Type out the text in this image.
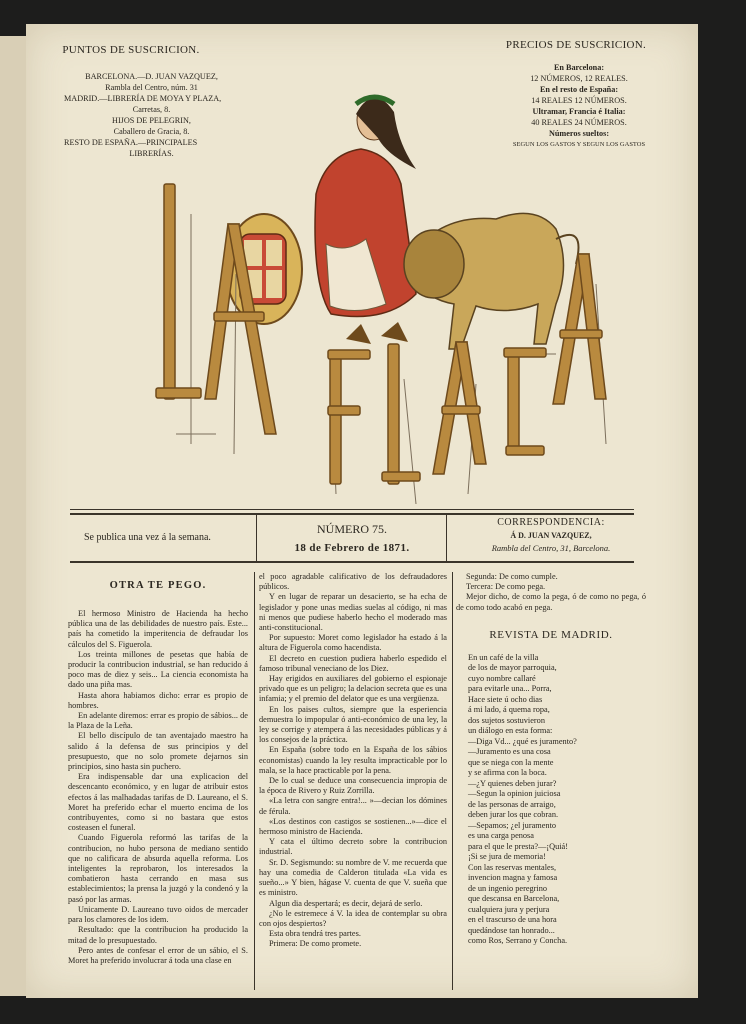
PUNTOS DE SUSCRICION.
BARCELONA.—D. JUAN VAZQUEZ,
Rambla del Centro, núm. 31
MADRID.—LIBRERÍA DE MOYA Y PLAZA,
Carretas, 8.
HIJOS DE PELEGRIN,
Caballero de Gracia, 8.
RESTO DE ESPAÑA.—PRINCIPALES
LIBRERÍAS.
PRECIOS DE SUSCRICION.
En Barcelona:
12 NÚMEROS, 12 REALES.
En el resto de España:
14 REALES 12 NÚMEROS.
Ultramar, Francia é Italia:
40 REALES 24 NÚMEROS.
Números sueltos:
SEGUN LOS GASTOS Y SEGUN LOS GASTOS
Se publica una vez á la semana.
NÚMERO 75.
18 de Febrero de 1871.
CORRESPONDENCIA:
Á D. JUAN VAZQUEZ,
Rambla del Centro, 31, Barcelona.
OTRA TE PEGO.

El hermoso Ministro de Hacienda ha hecho pública una de las debilidades de nuestro país. Este... país ha cometido la imperitencia de defraudar los cálculos del S. Figuerola.

Los treinta millones de pesetas que había de producir la contribucion industrial, se han reducido á poco mas de diez y seis... La ciencia economista ha dado una piña mas.

Hasta ahora habiamos dicho: errar es propio de hombres.

En adelante diremos: errar es propio de sábios... de la Plaza de la Leña.

El bello discípulo de tan aventajado maestro ha salido á la defensa de sus principios y del presupuesto, que no solo promete dejarnos sin principios, sino hasta sin puchero.

Era indispensable dar una explicacion del descencanto económico, y en lugar de atribuir estos efectos á las malhadadas tarifas de D. Laureano, el S. Moret ha preferido echar el muerto encima de los contribuyentes, como si no bastara que estos costeasen el funeral.

Cuando Figuerola reformó las tarifas de la contribucion, no hubo persona de mediano sentido que no calificara de absurda aquella reforma. Los inteligentes la reprobaron, los interesados la combatieron hasta cerrando en masa sus establecimientos; la prensa la juzgó y la condenó y la pasó por las armas.

Unicamente D. Laureano tuvo oidos de mercader para los clamores de los idem.

Resultado: que la contribucion ha producido la mitad de lo presupuestado.

Pero antes de confesar el error de un sábio, el S. Moret ha preferido involucrar á toda una clase en

el poco agradable calificativo de los defraudadores públicos.

Y en lugar de reparar un desacierto, se ha echa de legislador y pone unas medias suelas al código, ni mas ni menos que pudiese haberlo hecho el moderado mas anti-constitucional.

Por supuesto: Moret como legislador ha estado á la altura de Figuerola como hacendista.

El decreto en cuestion pudiera haberlo espedido el famoso tribunal veneciano de los Diez.

Hay erigidos en auxiliares del gobierno el espionaje privado que es un peligro; la delacion secreta que es una infamia; y el premio del delator que es una vergüenza.

En los paises cultos, siempre que la esperiencia demuestra lo impopular ó anti-económico de una ley, la ley se corrige y atempera á las necesidades públicas y á los consejos de la práctica.

En España (sobre todo en la España de los sábios economistas) cuando la ley resulta impracticable por lo mala, se la hace practicable por la pena.

De lo cual se deduce una consecuencia impropia de la época de Rivero y Ruiz Zorrilla.

«La letra con sangre entra!... »—decian los dómines de férula.

«Los destinos con castigos se sostienen...»—dice el hermoso ministro de Hacienda.

Y cata el último decreto sobre la contribucion industrial.

Sr. D. Segismundo: su nombre de V. me recuerda que hay una comedia de Calderon titulada «La vida es sueño...» Y bien, hágase V. cuenta de que V. sueña que es ministro.

Algun dia despertará; es decir, dejará de serlo.

¿No le estremece á V. la idea de contemplar su obra con ojos despiertos?

Esta obra tendrá tres partes.

Primera: De como promete.

Segunda: De como cumple.

Tercera: De como pega.

Mejor dicho, de como la pega, ó de como no pega, ó de como todo acabó en pega.

REVISTA DE MADRID.

En un café de la villa

de los de mayor parroquia,

cuyo nombre callaré

para evitarle una... Porra,

Hace siete ú ocho dias

á mi lado, á quema ropa,

dos sujetos sostuvieron

un diálogo en esta forma:

—Diga Vd... ¿qué es juramento?

—Juramento es una cosa

que se niega con la mente

y se afirma con la boca.

—¿Y quienes deben jurar?

—Segun la opinion juiciosa

de las personas de arraigo,

deben jurar los que cobran.

—Sepamos; ¿el juramento

es una carga penosa

para el que le presta?—¡Quiá!

¡Si se jura de memoria!

Con las reservas mentales,

invencion magna y famosa

de un ingenio peregrino

que descansa en Barcelona,

cualquiera jura y perjura

en el trascurso de una hora

quedándose tan honrado...

como Ros, Serrano y Concha.
